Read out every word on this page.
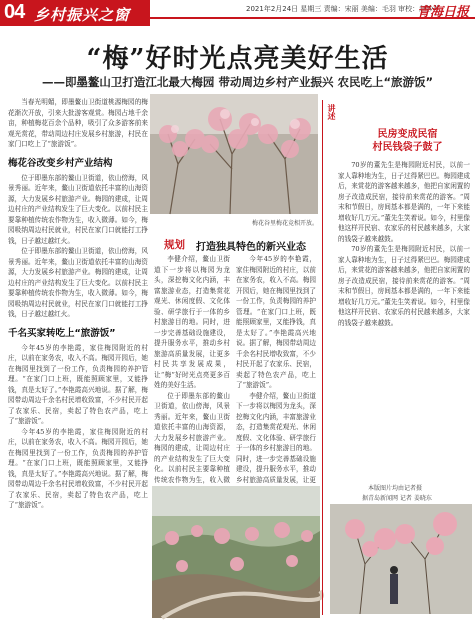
04 乡村振兴之窗	2021年2月24日 星期三 责编：宋丽 美编：毛羽 审校：赵妙芹
青海日报
“梅”好时光点亮美好生活
——即墨鳌山卫打造江北最大梅园 带动周边乡村产业振兴 农民吃上“旅游饭”
梅花谷里梅花竞相开放。

当春光明媚，即墨鳌山卫街道桃源梅园的梅花渐次开放，引来大批游客观赏。梅园占地千余亩，种植梅花百余个品种，吸引了众多游客前来观光赏花，带动周边村庄发展乡村旅游，村民在家门口吃上了“旅游饭”。

梅花谷改变乡村产业结构

位于即墨东部的鳌山卫街道，依山傍海，风景秀丽。近年来，鳌山卫街道依托丰富的山海资源，大力发展乡村旅游产业。梅园的建成，让周边村庄的产业结构发生了巨大变化。以前村民主要靠种植传统农作物为生，收入微薄。如今，梅园吸纳周边村民就业，村民在家门口就能打工挣钱，日子越过越红火。

位于即墨东部的鳌山卫街道，依山傍海，风景秀丽。近年来，鳌山卫街道依托丰富的山海资源，大力发展乡村旅游产业。梅园的建成，让周边村庄的产业结构发生了巨大变化。以前村民主要靠种植传统农作物为生，收入微薄。如今，梅园吸纳周边村民就业，村民在家门口就能打工挣钱，日子越过越红火。

千名买家转吃上“旅游饭”

今年45岁的李艳霞，家住梅园附近的村庄，以前在家务农，收入不高。梅园开园后，她在梅园里找到了一份工作，负责梅园的养护管理。“在家门口上班，既能照顾家里，又能挣钱，真是太好了。”李艳霞高兴地说。据了解，梅园带动周边千余名村民增收致富，不少村民开起了农家乐、民宿，卖起了特色农产品，吃上了“旅游饭”。

今年45岁的李艳霞，家住梅园附近的村庄，以前在家务农，收入不高。梅园开园后，她在梅园里找到了一份工作，负责梅园的养护管理。“在家门口上班，既能照顾家里，又能挣钱，真是太好了。”李艳霞高兴地说。据了解，梅园带动周边千余名村民增收致富，不少村民开起了农家乐、民宿，卖起了特色农产品，吃上了“旅游饭”。

规划 打造独具特色的新兴业态

李健介绍，鳌山卫街道下一步将以梅园为龙头，深挖梅文化内涵，丰富旅游业态，打造集赏花观光、休闲度假、文化体验、研学旅行于一体的乡村旅游目的地。同时，进一步完善基础设施建设，提升服务水平，推动乡村旅游高质量发展，让更多村民共享发展成果，让“梅”好时光点亮更多百姓的美好生活。

位于即墨东部的鳌山卫街道，依山傍海，风景秀丽。近年来，鳌山卫街道依托丰富的山海资源，大力发展乡村旅游产业。梅园的建成，让周边村庄的产业结构发生了巨大变化。以前村民主要靠种植传统农作物为生，收入微

今年45岁的李艳霞，家住梅园附近的村庄，以前在家务农，收入不高。梅园开园后，她在梅园里找到了一份工作，负责梅园的养护管理。“在家门口上班，既能照顾家里，又能挣钱，真是太好了。”李艳霞高兴地说。据了解，梅园带动周边千余名村民增收致富，不少村民开起了农家乐、民宿，卖起了特色农产品，吃上了“旅游饭”。

李健介绍，鳌山卫街道下一步将以梅园为龙头，深挖梅文化内涵，丰富旅游业态，打造集赏花观光、休闲度假、文化体验、研学旅行于一体的乡村旅游目的地。同时，进一步完善基础设施建设，提升服务水平，推动乡村旅游高质量发展，让更

讲述
民房变成民宿
村民钱袋子鼓了

70岁的董先生是梅园附近村民，以前一家人靠种地为生，日子过得紧巴巴。梅园建成后，来赏花的游客越来越多，他把自家闲置的房子改造成民宿，接待前来赏花的游客。“周末和节假日，房间基本都是满的，一年下来能增收好几万元。”董先生笑着说。如今，村里像他这样开民宿、农家乐的村民越来越多，大家的钱袋子越来越鼓。

70岁的董先生是梅园附近村民，以前一家人靠种地为生，日子过得紧巴巴。梅园建成后，来赏花的游客越来越多，他把自家闲置的房子改造成民宿，接待前来赏花的游客。“周末和节假日，房间基本都是满的，一年下来能增收好几万元。”董先生笑着说。如今，村里像他这样开民宿、农家乐的村民越来越多，大家的钱袋子越来越鼓。

本版图片均由记者摄
据青岛新闻网 记者 姜晓东
